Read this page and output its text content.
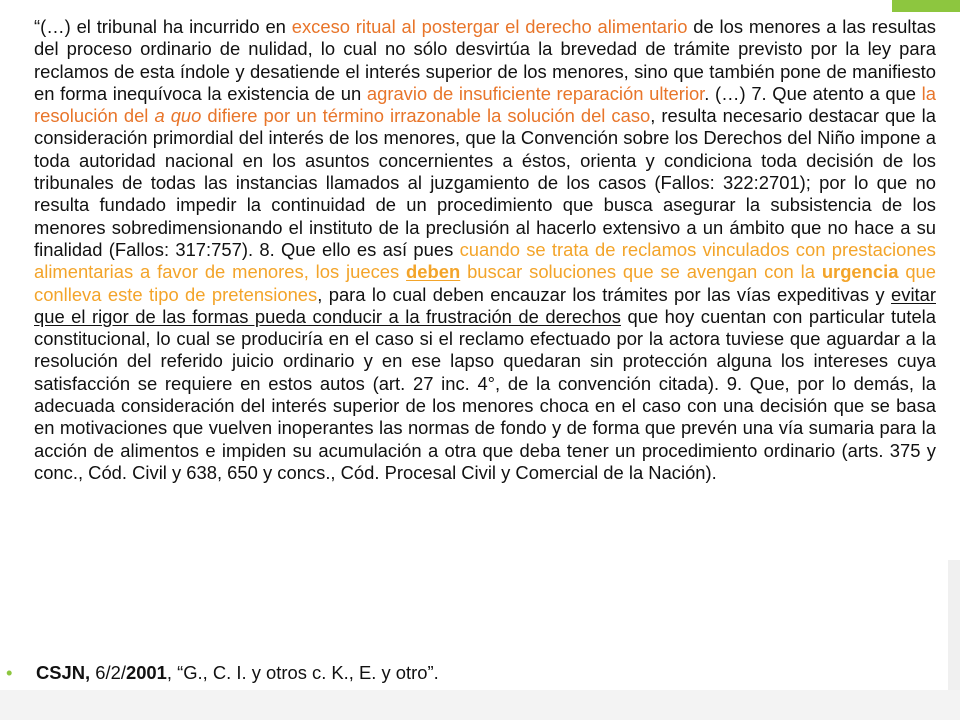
“(…) el tribunal ha incurrido en exceso ritual al postergar el derecho alimentario de los menores a las resultas del proceso ordinario de nulidad, lo cual no sólo desvirtúa la brevedad de trámite previsto por la ley para reclamos de esta índole y desatiende el interés superior de los menores, sino que también pone de manifiesto en forma inequívoca la existencia de un agravio de insuficiente reparación ulterior. (…) 7. Que atento a que la resolución del a quo difiere por un término irrazonable la solución del caso, resulta necesario destacar que la consideración primordial del interés de los menores, que la Convención sobre los Derechos del Niño impone a toda autoridad nacional en los asuntos concernientes a éstos, orienta y condiciona toda decisión de los tribunales de todas las instancias llamados al juzgamiento de los casos (Fallos: 322:2701); por lo que no resulta fundado impedir la continuidad de un procedimiento que busca asegurar la subsistencia de los menores sobredimensionando el instituto de la preclusión al hacerlo extensivo a un ámbito que no hace a su finalidad (Fallos: 317:757). 8. Que ello es así pues cuando se trata de reclamos vinculados con prestaciones alimentarias a favor de menores, los jueces deben buscar soluciones que se avengan con la urgencia que conlleva este tipo de pretensiones, para lo cual deben encauzar los trámites por las vías expeditivas y evitar que el rigor de las formas pueda conducir a la frustración de derechos que hoy cuentan con particular tutela constitucional, lo cual se produciría en el caso si el reclamo efectuado por la actora tuviese que aguardar a la resolución del referido juicio ordinario y en ese lapso quedaran sin protección alguna los intereses cuya satisfacción se requiere en estos autos (art. 27 inc. 4°, de la convención citada). 9. Que, por lo demás, la adecuada consideración del interés superior de los menores choca en el caso con una decisión que se basa en motivaciones que vuelven inoperantes las normas de fondo y de forma que prevén una vía sumaria para la acción de alimentos e impiden su acumulación a otra que deba tener un procedimiento ordinario (arts. 375 y conc., Cód. Civil y 638, 650 y concs., Cód. Procesal Civil y Comercial de la Nación).
• CSJN, 6/2/2001, “G., C. I. y otros c. K., E. y otro”.
